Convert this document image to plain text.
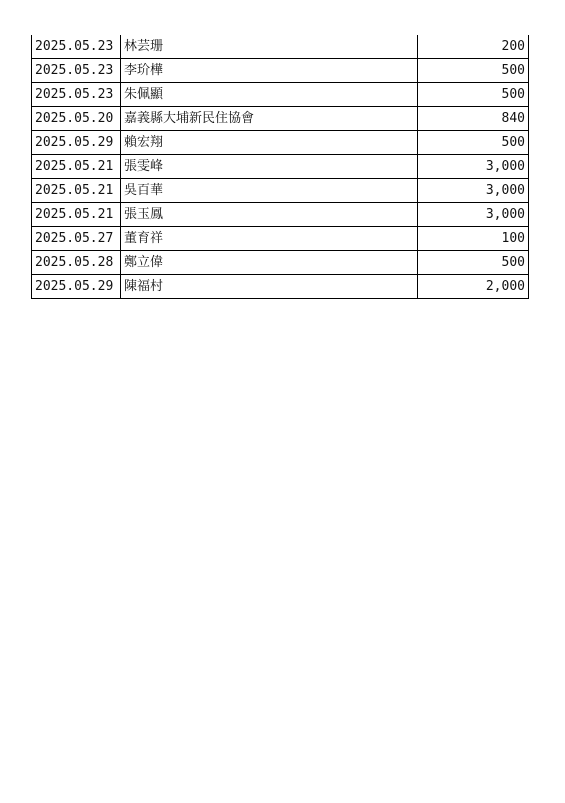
2025.05.23	林芸珊	200
2025.05.23	李玠樺	500
2025.05.23	朱佩顯	500
2025.05.20	嘉義縣大埔新民住協會	840
2025.05.29	賴宏翔	500
2025.05.21	張雯峰	3,000
2025.05.21	吳百華	3,000
2025.05.21	張玉鳳	3,000
2025.05.27	董育祥	100
2025.05.28	鄭立偉	500
2025.05.29	陳福村	2,000
